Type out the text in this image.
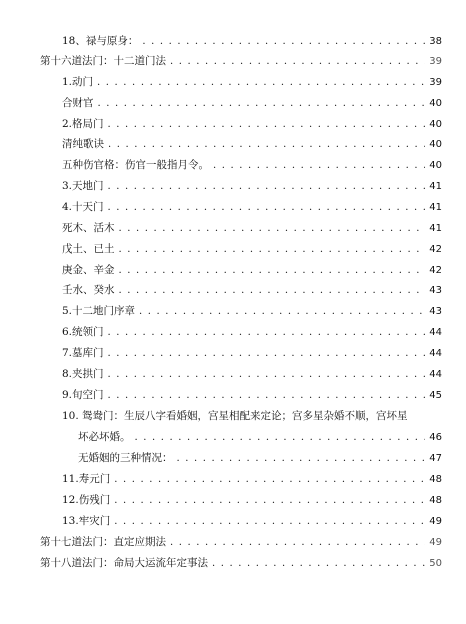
18、禄与原身： . . .	38
第十六道法门：十二道门法 . . .	39
1.动门 . . .	39
合财官 . . .	40
2.格局门 . . .	40
清纯歌诀 . . .	40
五种伤官格：伤官一般指月令。 . . .	40
3.天地门 . . .	41
4.十天门 . . .	41
死木、活木 . . .	41
戊土、已土 . . .	42
庚金、辛金 . . .	42
壬水、癸水 . . .	43
5.十二地门序章 . . .	43
6.统领门 . . .	44
7.墓库门 . . .	44
8.夹拱门 . . .	44
9.旬空门 . . .	45
10. 鸳鸯门：生辰八字看婚姻，宫星相配来定论；宫多星杂婚不顺，宫坏星
坏必坏婚。 . . .	46
无婚姻的三种情况： . . .	47
11.寿元门 . . .	48
12.伤残门 . . .	48
13.牢灾门 . . .	49
第十七道法门：直定应期法 . . .	49
第十八道法门：命局大运流年定事法 . . .	50
